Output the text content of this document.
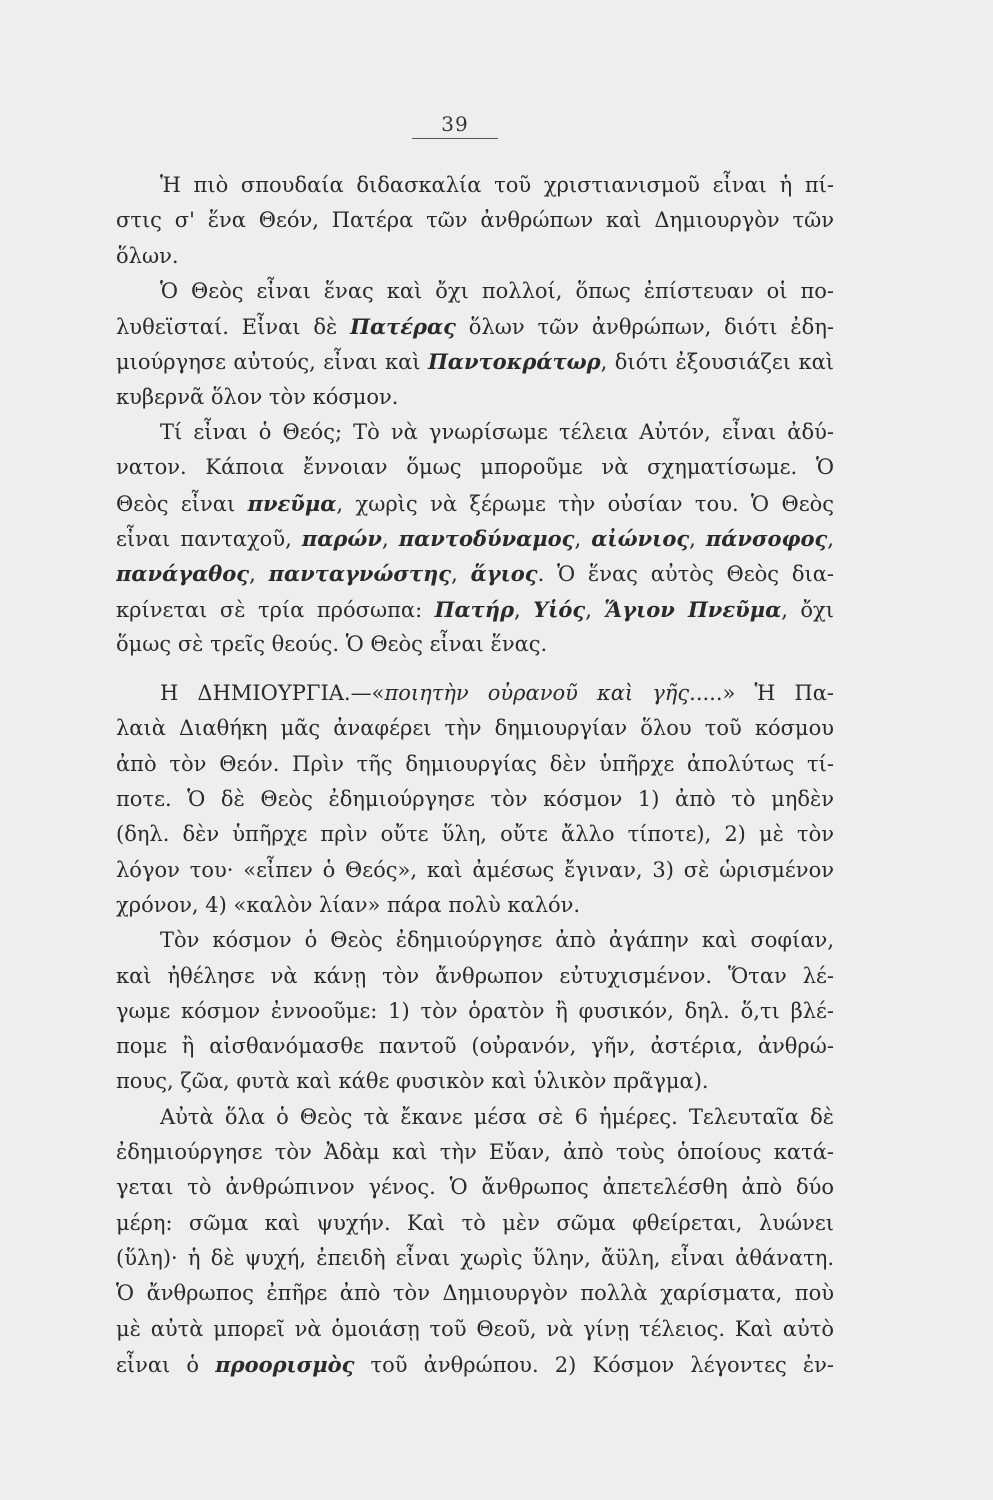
39
Ἡ πιὸ σπουδαία διδασκαλία τοῦ χριστιανισμοῦ εἶναι ἡ πί-
στις σ' ἕνα Θεόν, Πατέρα τῶν ἀνθρώπων καὶ Δημιουργὸν τῶν
ὅλων.
Ὁ Θεὸς εἶναι ἕνας καὶ ὄχι πολλοί, ὅπως ἐπίστευαν οἱ πο-
λυθεϊσταί. Εἶναι δὲ Πατέρας ὅλων τῶν ἀνθρώπων, διότι ἐδη-
μιούργησε αὐτούς, εἶναι καὶ Παντοκράτωρ, διότι ἐξουσιάζει καὶ
κυβερνᾶ ὅλον τὸν κόσμον.
Τί εἶναι ὁ Θεός; Τὸ νὰ γνωρίσωμε τέλεια Αὐτόν, εἶναι ἀδύ-
νατον. Κάποια ἔννοιαν ὅμως μποροῦμε νὰ σχηματίσωμε. Ὁ
Θεὸς εἶναι πνεῦμα, χωρὶς νὰ ξέρωμε τὴν οὐσίαν του. Ὁ Θεὸς
εἶναι πανταχοῦ, παρών, παντοδύναμος, αἰώνιος, πάνσοφος,
πανάγαθος, πανταγνώστης, ἅγιος. Ὁ ἕνας αὐτὸς Θεὸς δια-
κρίνεται σὲ τρία πρόσωπα: Πατήρ, Υἱός, Ἅγιον Πνεῦμα, ὄχι
ὅμως σὲ τρεῖς θεούς. Ὁ Θεὸς εἶναι ἕνας.
Η ΔΗΜΙΟΥΡΓΙΑ.—«ποιητὴν οὐρανοῦ καὶ γῆς.....» Ἡ Πα-
λαιὰ Διαθήκη μᾶς ἀναφέρει τὴν δημιουργίαν ὅλου τοῦ κόσμου
ἀπὸ τὸν Θεόν. Πρὶν τῆς δημιουργίας δὲν ὑπῆρχε ἀπολύτως τί-
ποτε. Ὁ δὲ Θεὸς ἐδημιούργησε τὸν κόσμον 1) ἀπὸ τὸ μηδὲν
(δηλ. δὲν ὑπῆρχε πρὶν οὔτε ὕλη, οὔτε ἄλλο τίποτε), 2) μὲ τὸν
λόγον του· «εἶπεν ὁ Θεός», καὶ ἀμέσως ἔγιναν, 3) σὲ ὡρισμένον
χρόνον, 4) «καλὸν λίαν» πάρα πολὺ καλόν.
Τὸν κόσμον ὁ Θεὸς ἐδημιούργησε ἀπὸ ἀγάπην καὶ σοφίαν,
καὶ ἠθέλησε νὰ κάνῃ τὸν ἄνθρωπον εὐτυχισμένον. Ὅταν λέ-
γωμε κόσμον ἐννοοῦμε: 1) τὸν ὁρατὸν ἢ φυσικόν, δηλ. ὅ,τι βλέ-
πομε ἢ αἰσθανόμασθε παντοῦ (οὐρανόν, γῆν, ἀστέρια, ἀνθρώ-
πους, ζῶα, φυτὰ καὶ κάθε φυσικὸν καὶ ὑλικὸν πρᾶγμα).
Αὐτὰ ὅλα ὁ Θεὸς τὰ ἔκανε μέσα σὲ 6 ἡμέρες. Τελευταῖα δὲ
ἐδημιούργησε τὸν Ἀδὰμ καὶ τὴν Εὔαν, ἀπὸ τοὺς ὁποίους κατά-
γεται τὸ ἀνθρώπινον γένος. Ὁ ἄνθρωπος ἀπετελέσθη ἀπὸ δύο
μέρη: σῶμα καὶ ψυχήν. Καὶ τὸ μὲν σῶμα φθείρεται, λυώνει
(ὕλη)· ἡ δὲ ψυχή, ἐπειδὴ εἶναι χωρὶς ὕλην, ἄϋλη, εἶναι ἀθάνατη.
Ὁ ἄνθρωπος ἐπῆρε ἀπὸ τὸν Δημιουργὸν πολλὰ χαρίσματα, ποὺ
μὲ αὐτὰ μπορεῖ νὰ ὁμοιάσῃ τοῦ Θεοῦ, νὰ γίνῃ τέλειος. Καὶ αὐτὸ
εἶναι ὁ προορισμὸς τοῦ ἀνθρώπου. 2) Κόσμον λέγοντες ἐν-
